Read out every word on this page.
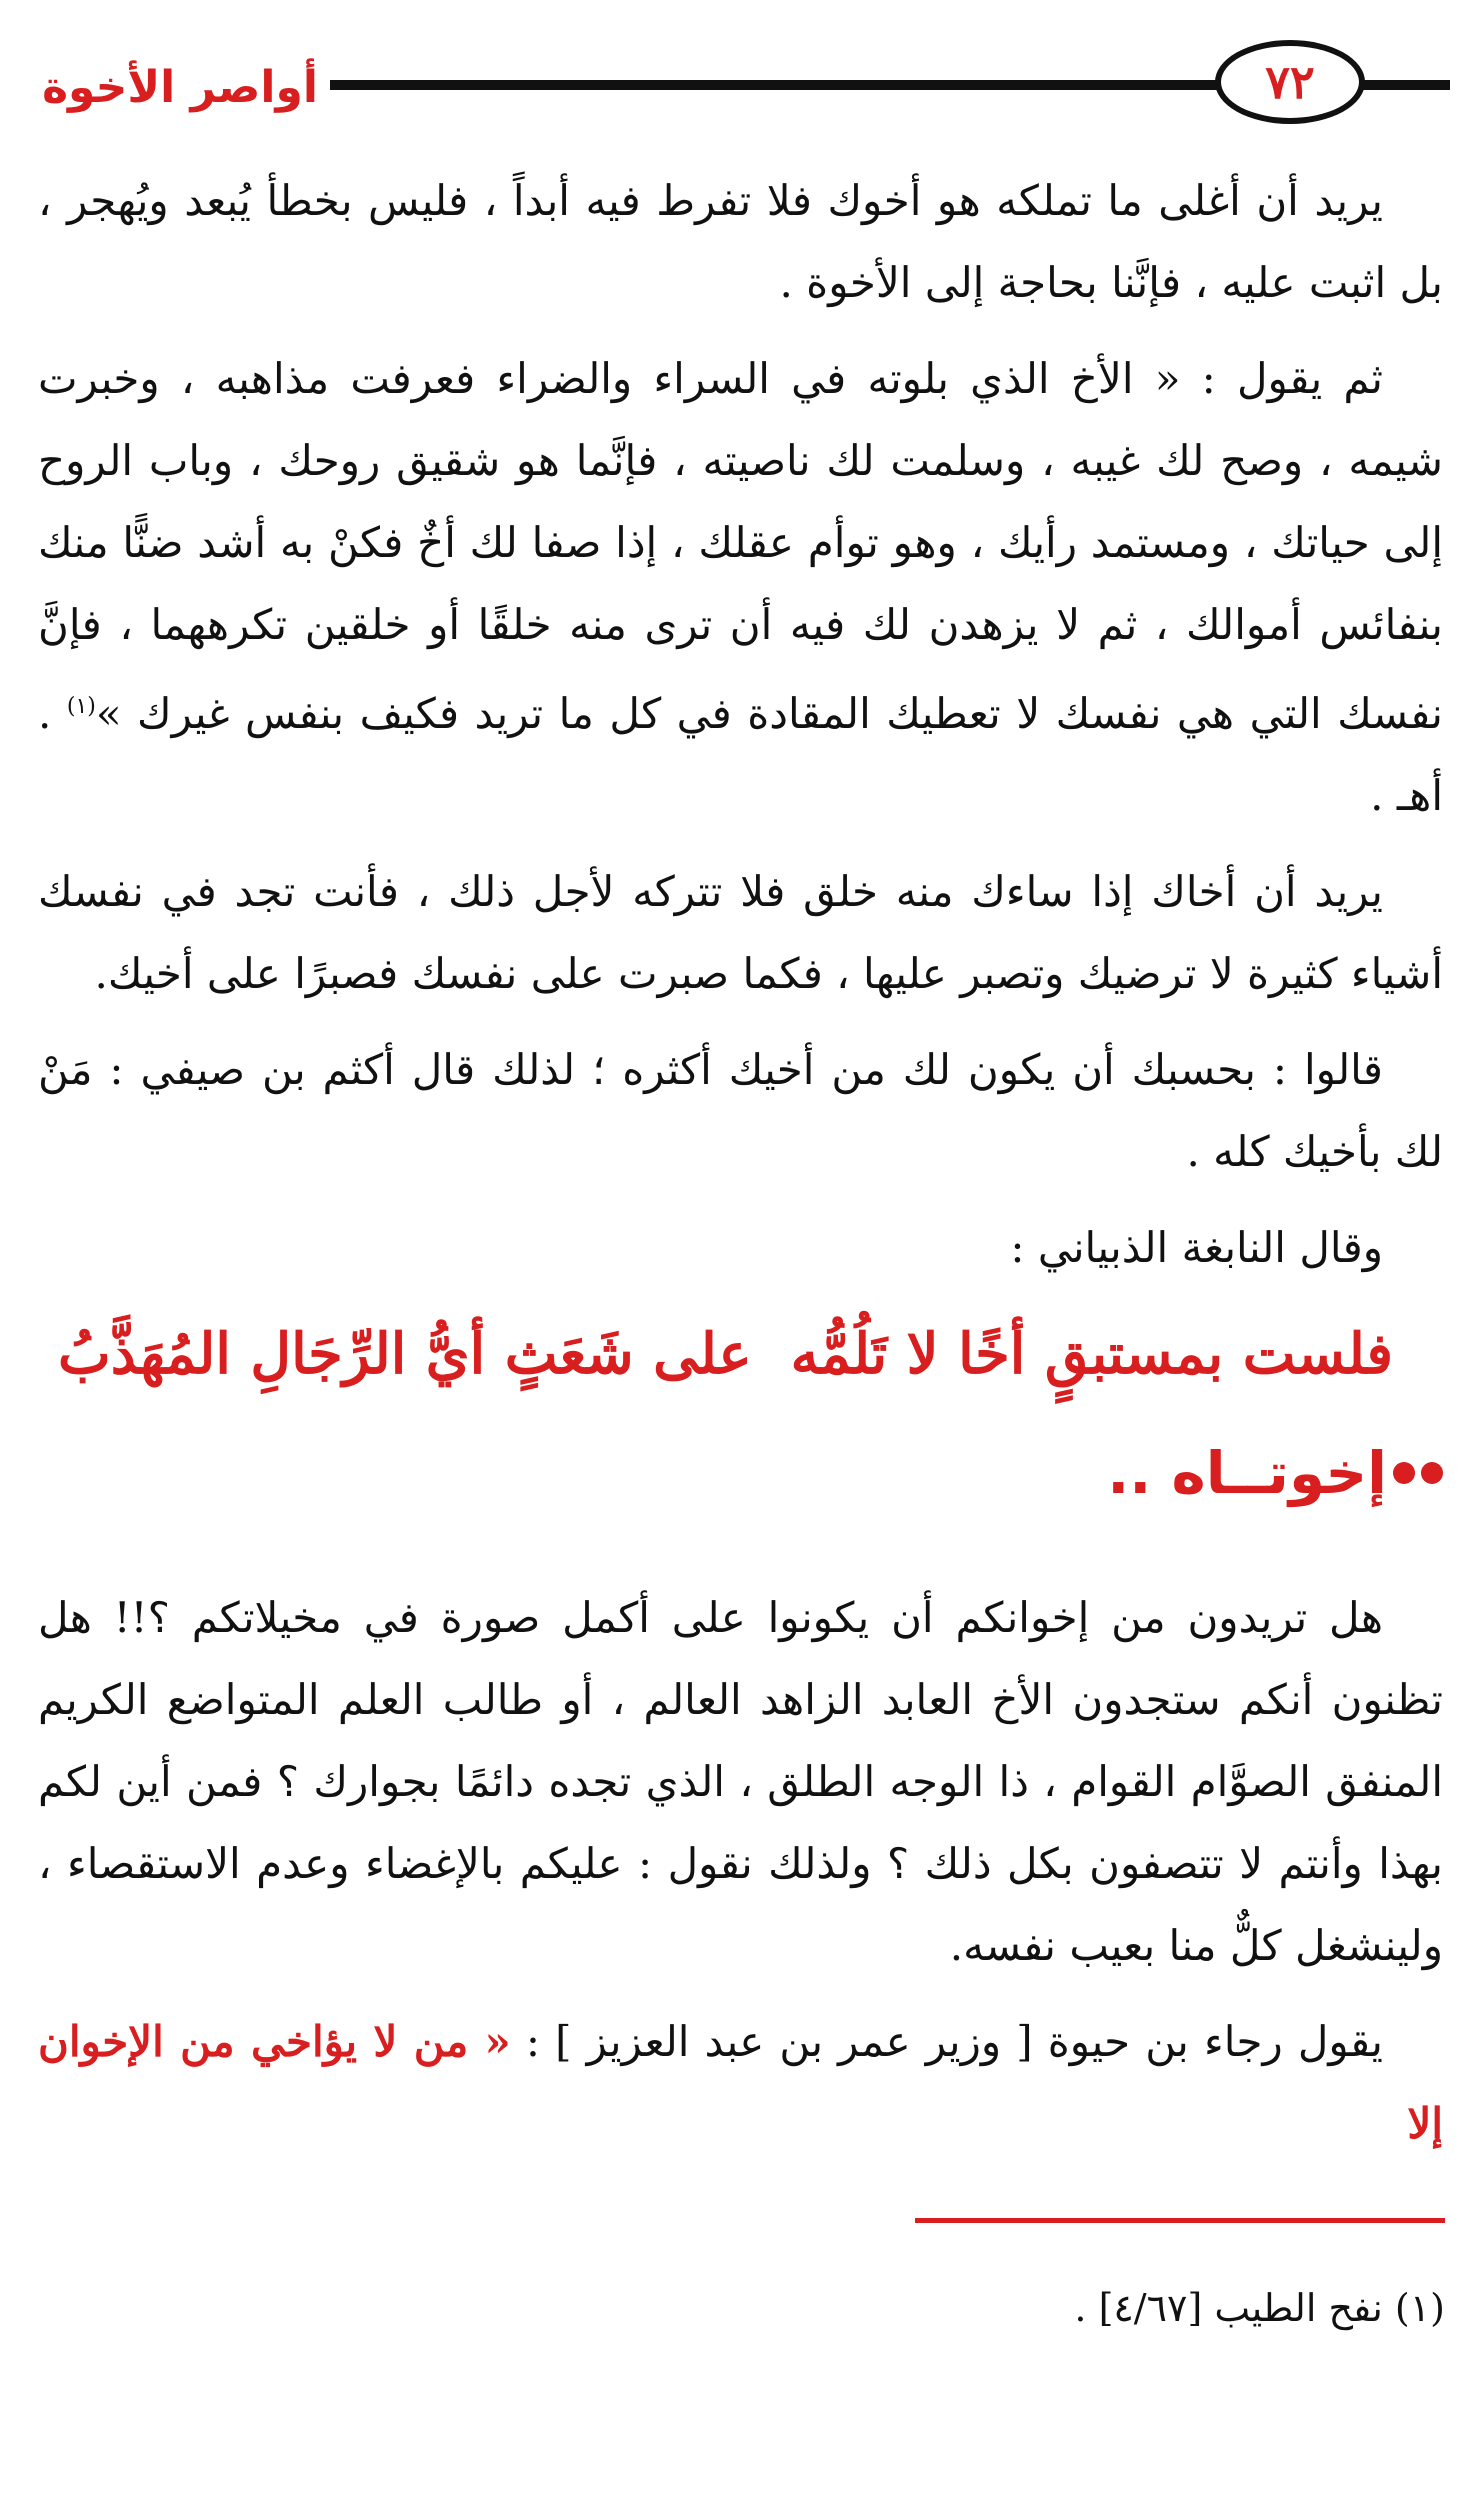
٧٢
أواصر الأخوة

يريد أن أغلى ما تملكه هو أخوك فلا تفرط فيه أبداً ، فليس بخطأ يُبعد ويُهجر ، بل اثبت عليه ، فإنَّنا بحاجة إلى الأخوة .

ثم يقول : « الأخ الذي بلوته في السراء والضراء فعرفت مذاهبه ، وخبرت شيمه ، وصح لك غيبه ، وسلمت لك ناصيته ، فإنَّما هو شقيق روحك ، وباب الروح إلى حياتك ، ومستمد رأيك ، وهو توأم عقلك ، إذا صفا لك أخٌ فكنْ به أشد ضنًّا منك بنفائس أموالك ، ثم لا يزهدن لك فيه أن ترى منه خلقًا أو خلقين تكرههما ، فإنَّ نفسك التي هي نفسك لا تعطيك المقادة في كل ما تريد فكيف بنفس غيرك »$^{(١)}$ . أهـ .

يريد أن أخاك إذا ساءك منه خلق فلا تتركه لأجل ذلك ، فأنت تجد في نفسك أشياء كثيرة لا ترضيك وتصبر عليها ، فكما صبرت على نفسك فصبرًا على أخيك.

قالوا : بحسبك أن يكون لك من أخيك أكثره ؛ لذلك قال أكثم بن صيفي : مَنْ لك بأخيك كله .

وقال النابغة الذبياني :

فلست بمستبقٍ أخًا لا تَلُمُّه
على شَعَثٍ أيُّ الرِّجَالِ المُهَذَّبُ
إخوتــاه ..

هل تريدون من إخوانكم أن يكونوا على أكمل صورة في مخيلاتكم ؟!! هل تظنون أنكم ستجدون الأخ العابد الزاهد العالم ، أو طالب العلم المتواضع الكريم المنفق الصوَّام القوام ، ذا الوجه الطلق ، الذي تجده دائمًا بجوارك ؟ فمن أين لكم بهذا وأنتم لا تتصفون بكل ذلك ؟ ولذلك نقول : عليكم بالإغضاء وعدم الاستقصاء ، ولينشغل كلٌّ منا بعيب نفسه.

يقول رجاء بن حيوة [ وزير عمر بن عبد العزيز ] : « من لا يؤاخي من الإخوان إلا

(١) نفح الطيب [٤/٦٧] .
